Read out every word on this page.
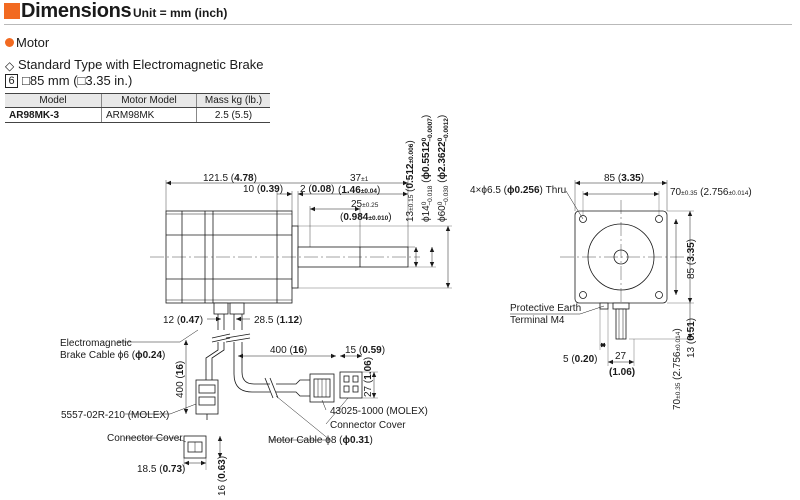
Dimensions Unit = mm (inch)
Motor
◇ Standard Type with Electromagnetic Brake
6 □85 mm (□3.35 in.)
Model	Motor Model	Mass kg (lb.)
AR98MK-3	ARM98MK	2.5 (5.5)
121.5 (4.78)
10 (0.39) 2 (0.08)
37±1
(1.46±0.04)
25±0.25
(0.984±0.010) 13±0.15 (0.512±0.006)
$\phi 14^0-0.018$ $(\phi 0.5512^0-0.0007)$
$\phi 60^0-0.030$ $(\phi 2.3622^0-0.0012)$
12 (0.47)	28.5 (1.12)
Electromagnetic
Brake Cable ϕ6 (ϕ0.24)	400 (16)	15 (0.59)
27 (1.06)
400 (16)
5557-02R-210 (MOLEX)
Connector Cover
43025-1000 (MOLEX)
Connector Cover
Motor Cable ϕ8 (ϕ0.31)
18.5 (0.73)
16 (0.63)
4×ϕ6.5 (ϕ0.256) Thru
85 (3.35)
70±0.35 (2.756±0.014)
85 (3.35)
70±0.35 (2.756±0.014)
13 (0.51)
Protective Earth
Terminal M4
5 (0.20) 27
(1.06)
